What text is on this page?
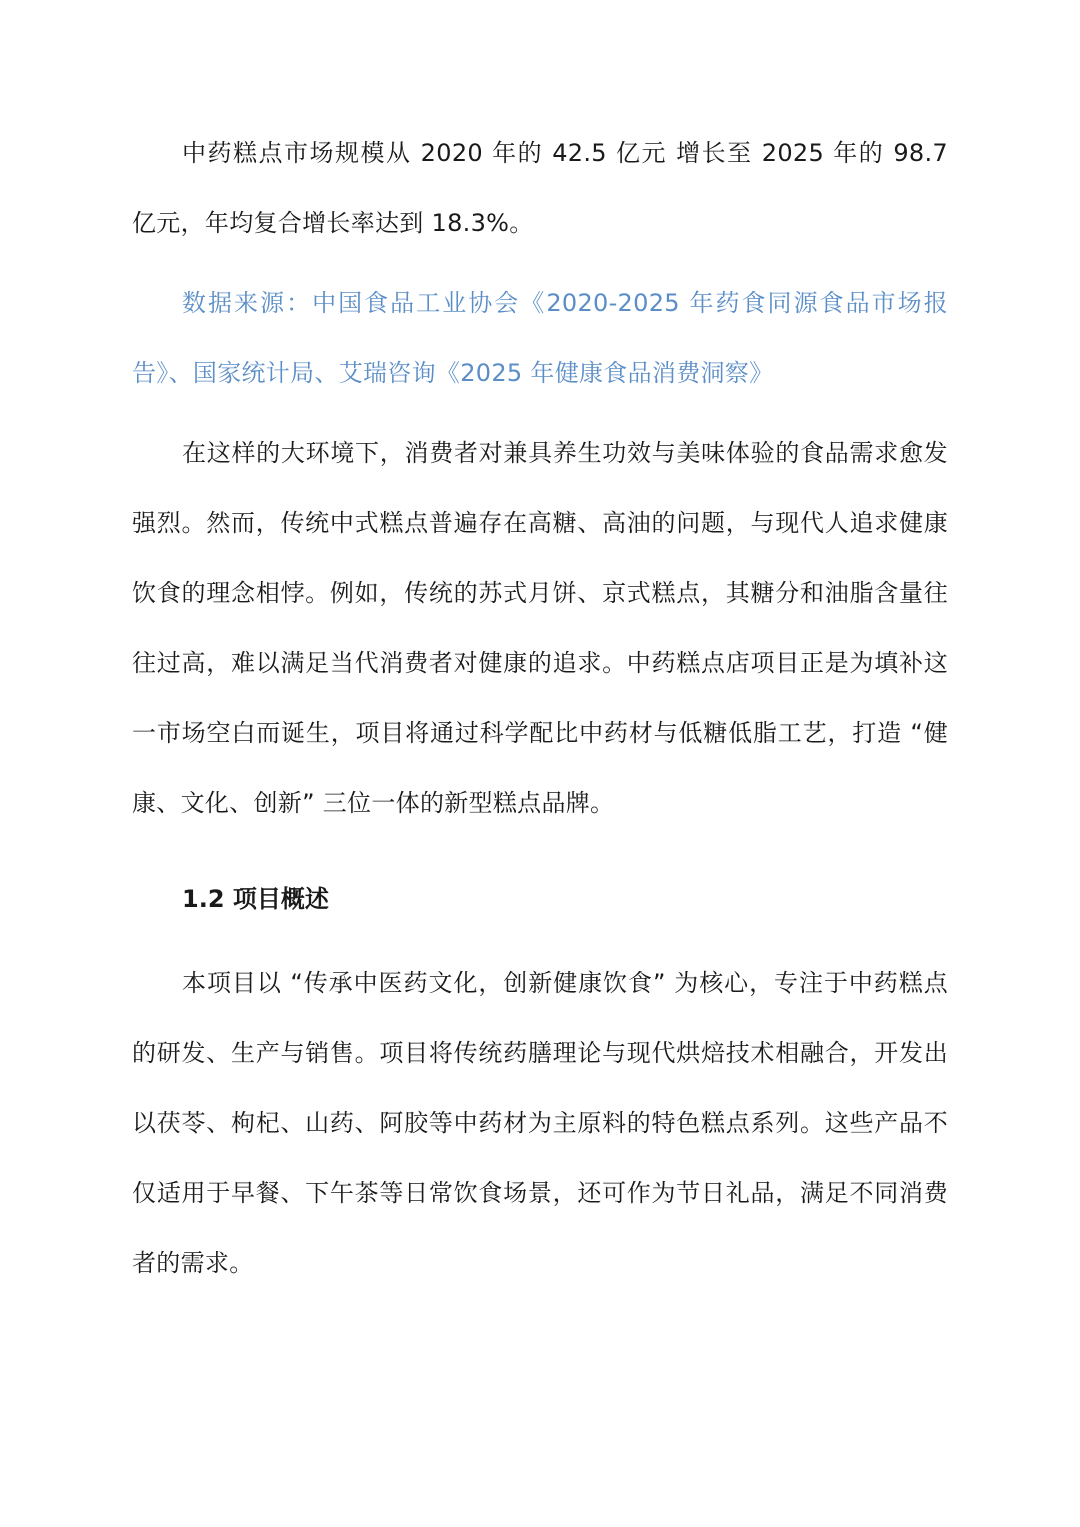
中药糕点市场规模从 2020 年的 42.5 亿元 增长至 2025 年的 98.7 亿元，年均复合增长率达到 18.3%。

数据来源：中国食品工业协会《2020-2025 年药食同源食品市场报告》、国家统计局、艾瑞咨询《2025 年健康食品消费洞察》

在这样的大环境下，消费者对兼具养生功效与美味体验的食品需求愈发强烈。然而，传统中式糕点普遍存在高糖、高油的问题，与现代人追求健康饮食的理念相悖。例如，传统的苏式月饼、京式糕点，其糖分和油脂含量往往过高，难以满足当代消费者对健康的追求。中药糕点店项目正是为填补这一市场空白而诞生，项目将通过科学配比中药材与低糖低脂工艺，打造 “健康、文化、创新” 三位一体的新型糕点品牌。

1.2 项目概述

本项目以 “传承中医药文化，创新健康饮食” 为核心，专注于中药糕点的研发、生产与销售。项目将传统药膳理论与现代烘焙技术相融合，开发出以茯苓、枸杞、山药、阿胶等中药材为主原料的特色糕点系列。这些产品不仅适用于早餐、下午茶等日常饮食场景，还可作为节日礼品，满足不同消费者的需求。
